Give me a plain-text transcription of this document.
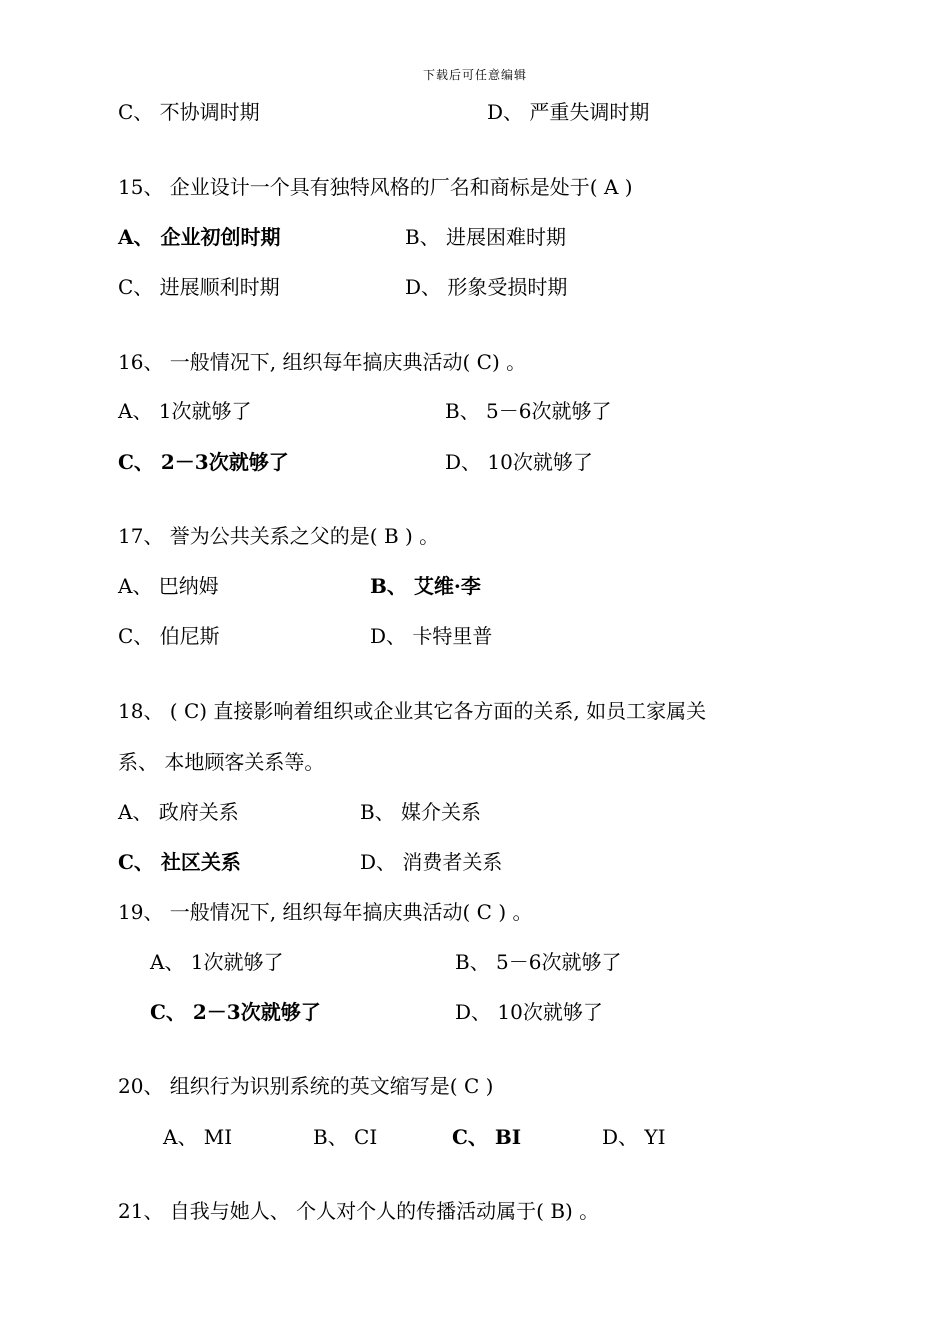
下载后可任意编辑
C、 不协调时期	D、 严重失调时期
15、 企业设计一个具有独特风格的厂名和商标是处于( A )
A、 企业初创时期	B、 进展困难时期
C、 进展顺利时期	D、 形象受损时期
16、 一般情况下, 组织每年搞庆典活动( C) 。
A、 1次就够了	B、 5－6次就够了
C、 2－3次就够了	D、 10次就够了
17、 誉为公共关系之父的是( B ) 。
A、 巴纳姆	B、 艾维·李
C、 伯尼斯	D、 卡特里普
18、 ( C) 直接影响着组织或企业其它各方面的关系, 如员工家属关
系、 本地顾客关系等。
A、 政府关系	B、 媒介关系
C、 社区关系	D、 消费者关系
19、 一般情况下, 组织每年搞庆典活动( C ) 。
A、 1次就够了	B、 5－6次就够了
C、 2－3次就够了	D、 10次就够了
20、 组织行为识别系统的英文缩写是( C )
A、 MI	B、 CI	C、 BI	D、 YI
21、 自我与她人、 个人对个人的传播活动属于( B) 。
